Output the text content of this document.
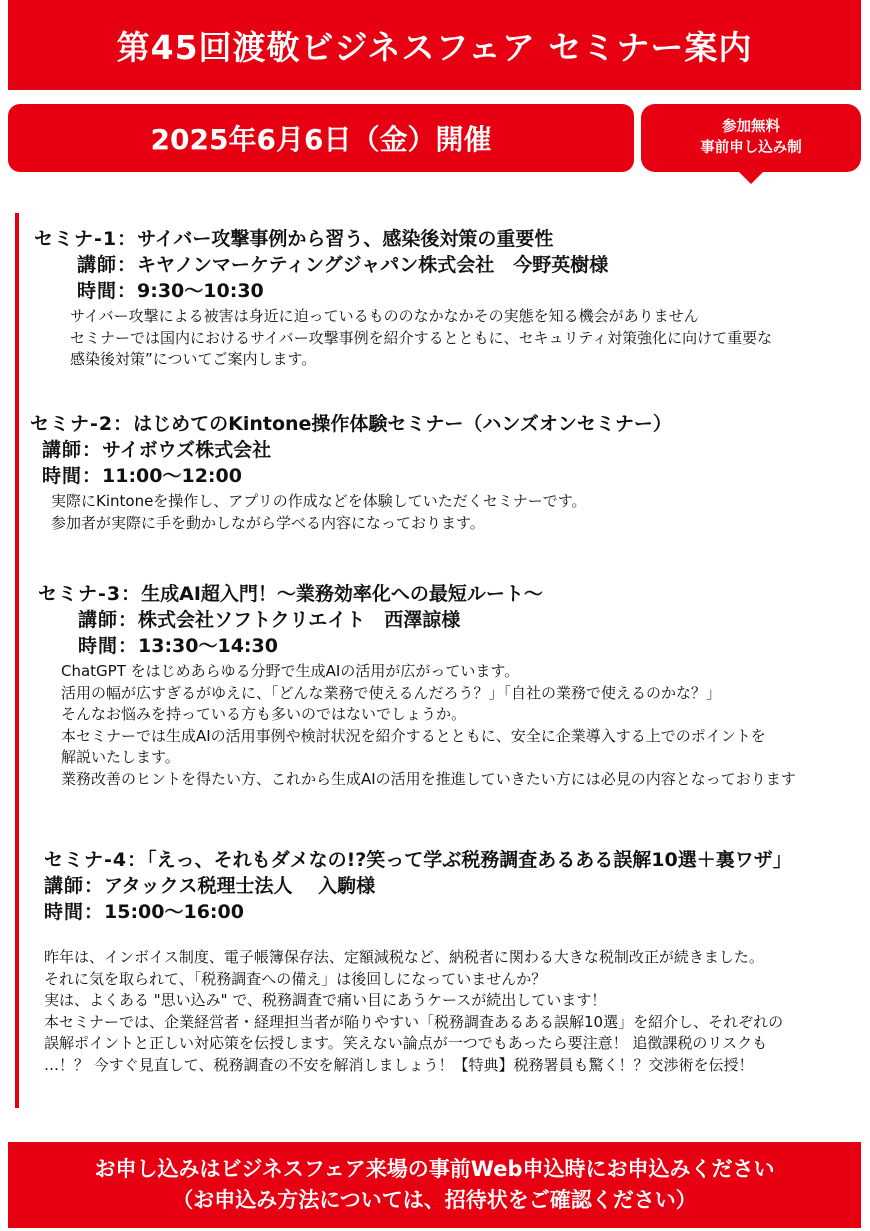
第45回渡敬ビジネスフェア セミナー案内
2025年6月6日（金）開催	参加無料
事前申し込み制
セミナ-1：サイバー攻撃事例から習う、感染後対策の重要性
講師：キヤノンマーケティングジャパン株式会社　今野英樹様
時間：9:30～10:30
サイバー攻撃による被害は身近に迫っているもののなかなかその実態を知る機会がありません
セミナーでは国内におけるサイバー攻撃事例を紹介するとともに、セキュリティ対策強化に向けて重要な
感染後対策”についてご案内します。
セミナ-2：はじめてのKintone操作体験セミナー（ハンズオンセミナー）
講師：サイボウズ株式会社
時間：11:00～12:00
実際にKintoneを操作し、アプリの作成などを体験していただくセミナーです。
参加者が実際に手を動かしながら学べる内容になっております。
セミナ-3：生成AI超入門！～業務効率化への最短ルート～
講師：株式会社ソフトクリエイト　西澤諒様
時間：13:30～14:30
ChatGPT をはじめあらゆる分野で生成AIの活用が広がっています。
活用の幅が広すぎるがゆえに、「どんな業務で使えるんだろう？」「自社の業務で使えるのかな？」
そんなお悩みを持っている方も多いのではないでしょうか。
本セミナーでは生成AIの活用事例や検討状況を紹介するとともに、安全に企業導入する上でのポイントを
解説いたします。
業務改善のヒントを得たい方、これから生成AIの活用を推進していきたい方には必見の内容となっております
セミナ-4：「えっ、それもダメなの!?笑って学ぶ税務調査あるある誤解10選＋裏ワザ」
講師：アタックス税理士法人　 入駒様
時間：15:00～16:00
昨年は、インボイス制度、電子帳簿保存法、定額減税など、納税者に関わる大きな税制改正が続きました。
それに気を取られて、「税務調査への備え」は後回しになっていませんか？
実は、よくある "思い込み" で、税務調査で痛い目にあうケースが続出しています！
本セミナーでは、企業経営者・経理担当者が陥りやすい「税務調査あるある誤解10選」を紹介し、それぞれの
誤解ポイントと正しい対応策を伝授します。笑えない論点が一つでもあったら要注意！ 追徴課税のリスクも
…！？ 今すぐ見直して、税務調査の不安を解消しましょう！【特典】税務署員も驚く！？交渉術を伝授！
お申し込みはビジネスフェア来場の事前Web申込時にお申込みください
（お申込み方法については、招待状をご確認ください）
